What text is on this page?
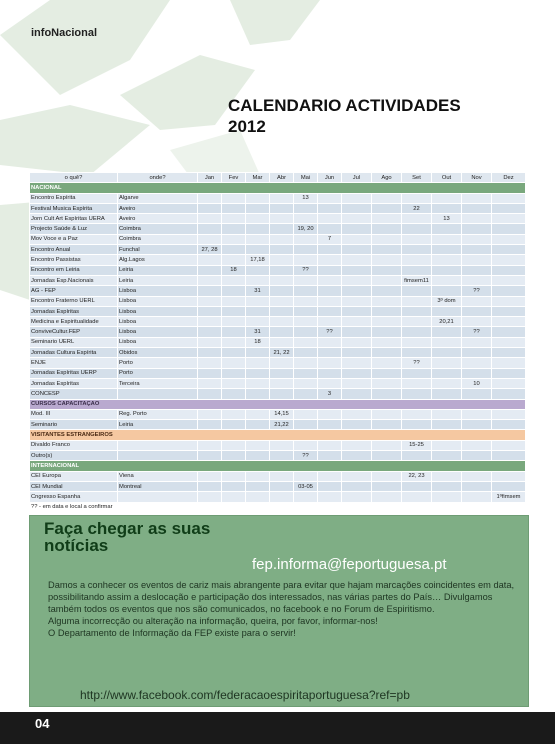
infoNacional
CALENDARIO ACTIVIDADES
2012
o quê?	onde?	Jan	Fev	Mar	Abr	Mai	Jun	Jul	Ago	Set	Out	Nov	Dez
NACIONAL													
Encontro Espírita	Algarve					13							
Festival Musica Espírita	Aveiro									22			
Jorn Cult Art Espíritas UERA	Aveiro										13		
Projecto Saúde & Luz	Coimbra					19, 20							
Mov Voce e a Paz	Coimbra						7						
Encontro Anual	Funchal	27, 28											
Encontro Passistas	Alg.Lagos			17,18									
Encontro em Leiria	Leiria		18			??							
Jornadas Esp.Nacionais	Leiria									fimsem11			
AG - FEP	Lisboa			31								??	
Encontro Fraterno UERL	Lisboa										3º dom		
Jornadas Espíritas	Lisboa												
Medicina e Espiritualidade	Lisboa										20,21		
ConviveCultur.FEP	Lisboa			31			??					??	
Seminario UERL	Lisboa			18									
Jornadas Cultura Espírita	Obidos				21, 22								
ENJE	Porto									??			
Jornadas Espíritas UERP	Porto												
Jornadas Espíritas	Terceira											10	
CONCESP							3						
CURSOS CAPACITAÇAO													
Mod. III	Reg. Porto				14,15								
Seminario	Leiria				21,22								
VISITANTES ESTRANGEIROS													
Divaldo Franco										15-25			
Outro(s)						??							
INTERNACIONAL													
CEI Europa	Viena									22, 23			
CEI Mundial	Montreal					03-05							
Cngresso Espanha													1ºfimsem
?? - em data e local a confirmar													
Faça chegar as suas
notícias
fep.informa@feportuguesa.pt

Damos a conhecer os eventos de cariz mais abrangente para evitar que hajam marcações coincidentes em data, possibilitando assim a deslocação e participação dos interessados, nas várias partes do País… Divulgamos também todos os eventos que nos são comunicados, no facebook e no Forum de Espiritismo.

Alguma incorrecção ou alteração na informação, queira, por favor, informar-nos!

O Departamento de Informação da FEP existe para o servir!

http://www.facebook.com/federacaoespiritaportuguesa?ref=pb
04
